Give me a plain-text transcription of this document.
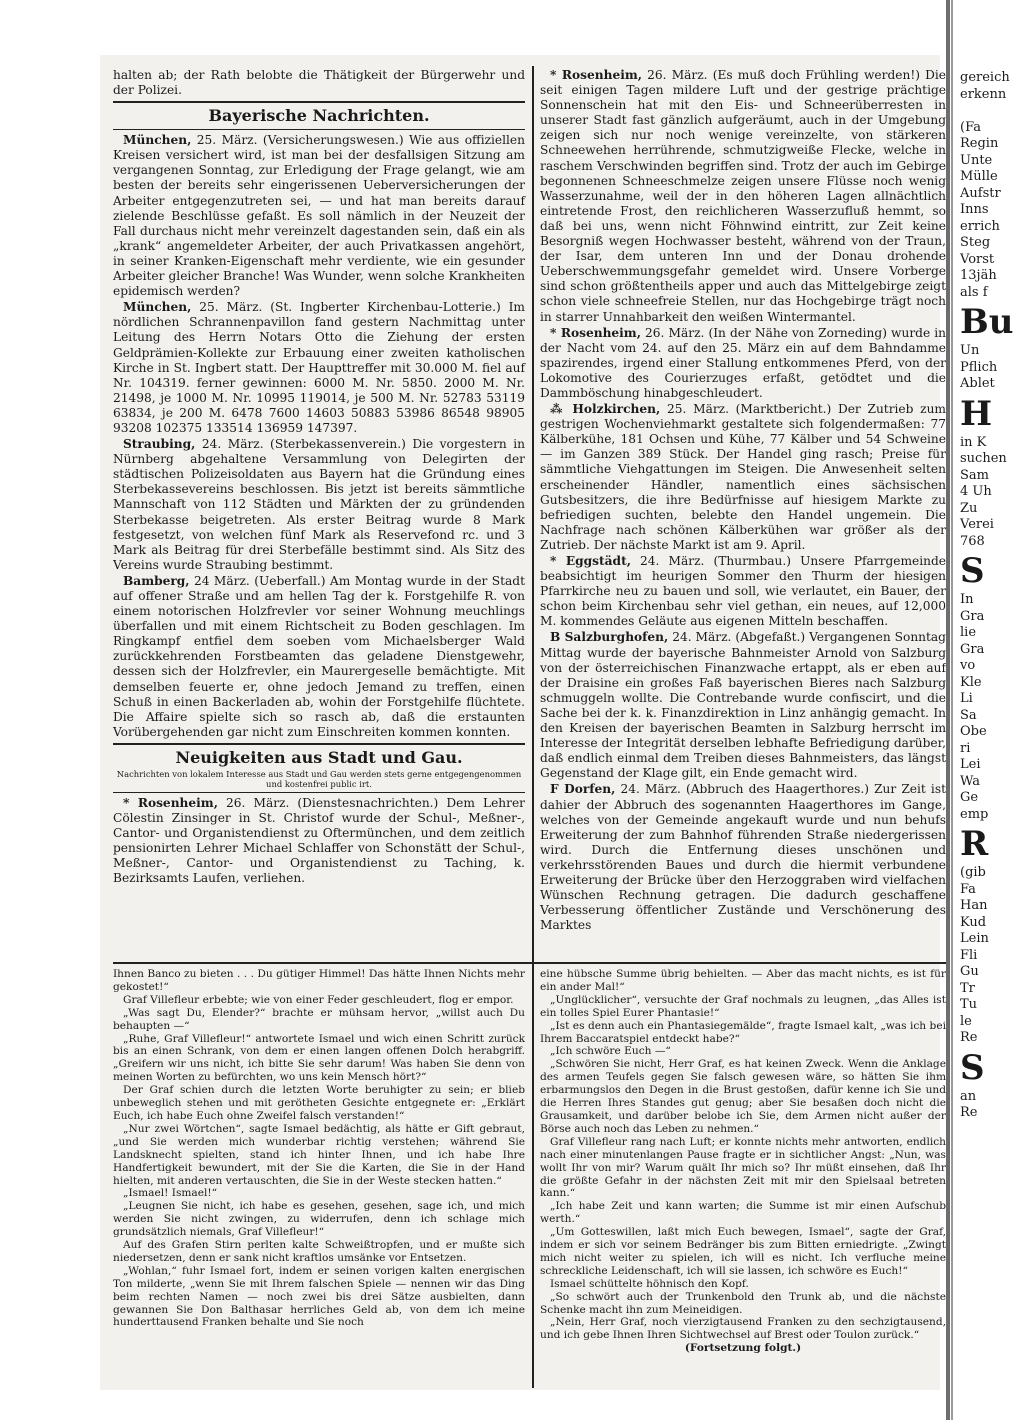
halten ab; der Rath belobte die Thätigkeit der Bürgerwehr und der Polizei.

Bayerische Nachrichten.

München, 25. März. (Versicherungswesen.) Wie aus offiziellen Kreisen versichert wird, ist man bei der desfallsigen Sitzung am vergangenen Sonntag, zur Erledigung der Frage gelangt, wie am besten der bereits sehr eingerissenen Ueberversicherungen der Arbeiter entgegenzutreten sei, — und hat man bereits darauf zielende Beschlüsse gefaßt. Es soll nämlich in der Neuzeit der Fall durchaus nicht mehr vereinzelt dagestanden sein, daß ein als „krank“ angemeldeter Arbeiter, der auch Privatkassen angehört, in seiner Kranken-Eigenschaft mehr verdiente, wie ein gesunder Arbeiter gleicher Branche! Was Wunder, wenn solche Krankheiten epidemisch werden?

München, 25. März. (St. Ingberter Kirchenbau-Lotterie.) Im nördlichen Schrannenpavillon fand gestern Nachmittag unter Leitung des Herrn Notars Otto die Ziehung der ersten Geldprämien-Kollekte zur Erbauung einer zweiten katholischen Kirche in St. Ingbert statt. Der Haupttreffer mit 30.000 M. fiel auf Nr. 104319. ferner gewinnen: 6000 M. Nr. 5850. 2000 M. Nr. 21498, je 1000 M. Nr. 10995 119014, je 500 M. Nr. 52783 53119 63834, je 200 M. 6478 7600 14603 50883 53986 86548 98905 93208 102375 133514 136959 147397.

Straubing, 24. März. (Sterbekassenverein.) Die vorgestern in Nürnberg abgehaltene Versammlung von Delegirten der städtischen Polizeisoldaten aus Bayern hat die Gründung eines Sterbekassevereins beschlossen. Bis jetzt ist bereits sämmtliche Mannschaft von 112 Städten und Märkten der zu gründenden Sterbekasse beigetreten. Als erster Beitrag wurde 8 Mark festgesetzt, von welchen fünf Mark als Reservefond rc. und 3 Mark als Beitrag für drei Sterbefälle bestimmt sind. Als Sitz des Vereins wurde Straubing bestimmt.

Bamberg, 24 März. (Ueberfall.) Am Montag wurde in der Stadt auf offener Straße und am hellen Tag der k. Forstgehilfe R. von einem notorischen Holzfrevler vor seiner Wohnung meuchlings überfallen und mit einem Richtscheit zu Boden geschlagen. Im Ringkampf entfiel dem soeben vom Michaelsberger Wald zurückkehrenden Forstbeamten das geladene Dienstgewehr, dessen sich der Holzfrevler, ein Maurergeselle bemächtigte. Mit demselben feuerte er, ohne jedoch Jemand zu treffen, einen Schuß in einen Backerladen ab, wohin der Forstgehilfe flüchtete. Die Affaire spielte sich so rasch ab, daß die erstaunten Vorübergehenden gar nicht zum Einschreiten kommen konnten.

Neuigkeiten aus Stadt und Gau.
Nachrichten von lokalem Interesse aus Stadt und Gau werden stets gerne entgegengenommen und kostenfrei public irt.

* Rosenheim, 26. März. (Dienstesnachrichten.) Dem Lehrer Cölestin Zinsinger in St. Christof wurde der Schul-, Meßner-, Cantor- und Organistendienst zu Oftermünchen, und dem zeitlich pensionirten Lehrer Michael Schlaffer von Schonstätt der Schul-, Meßner-, Cantor- und Organistendienst zu Taching, k. Bezirksamts Laufen, verliehen.

* Rosenheim, 26. März. (Es muß doch Frühling werden!) Die seit einigen Tagen mildere Luft und der gestrige prächtige Sonnenschein hat mit den Eis- und Schneerüberresten in unserer Stadt fast gänzlich aufgeräumt, auch in der Umgebung zeigen sich nur noch wenige vereinzelte, von stärkeren Schneewehen herrührende, schmutzigweiße Flecke, welche in raschem Verschwinden begriffen sind. Trotz der auch im Gebirge begonnenen Schneeschmelze zeigen unsere Flüsse noch wenig Wasserzunahme, weil der in den höheren Lagen allnächtlich eintretende Frost, den reichlicheren Wasserzufluß hemmt, so daß bei uns, wenn nicht Föhnwind eintritt, zur Zeit keine Besorgniß wegen Hochwasser besteht, während von der Traun, der Isar, dem unteren Inn und der Donau drohende Ueberschwemmungsgefahr gemeldet wird. Unsere Vorberge sind schon größtentheils apper und auch das Mittelgebirge zeigt schon viele schneefreie Stellen, nur das Hochgebirge trägt noch in starrer Unnahbarkeit den weißen Wintermantel.

* Rosenheim, 26. März. (In der Nähe von Zorneding) wurde in der Nacht vom 24. auf den 25. März ein auf dem Bahndamme spazirendes, irgend einer Stallung entkommenes Pferd, von der Lokomotive des Courierzuges erfaßt, getödtet und die Dammböschung hinabgeschleudert.

⁂ Holzkirchen, 25. März. (Marktbericht.) Der Zutrieb zum gestrigen Wochenviehmarkt gestaltete sich folgendermaßen: 77 Kälberkühe, 181 Ochsen und Kühe, 77 Kälber und 54 Schweine — im Ganzen 389 Stück. Der Handel ging rasch; Preise für sämmtliche Viehgattungen im Steigen. Die Anwesenheit selten erscheinender Händler, namentlich eines sächsischen Gutsbesitzers, die ihre Bedürfnisse auf hiesigem Markte zu befriedigen suchten, belebte den Handel ungemein. Die Nachfrage nach schönen Kälberkühen war größer als der Zutrieb. Der nächste Markt ist am 9. April.

* Eggstädt, 24. März. (Thurmbau.) Unsere Pfarrgemeinde beabsichtigt im heurigen Sommer den Thurm der hiesigen Pfarrkirche neu zu bauen und soll, wie verlautet, ein Bauer, der schon beim Kirchenbau sehr viel gethan, ein neues, auf 12,000 M. kommendes Geläute aus eigenen Mitteln beschaffen.

B Salzburghofen, 24. März. (Abgefaßt.) Vergangenen Sonntag Mittag wurde der bayerische Bahnmeister Arnold von Salzburg von der österreichischen Finanzwache ertappt, als er eben auf der Draisine ein großes Faß bayerischen Bieres nach Salzburg schmuggeln wollte. Die Contrebande wurde confiscirt, und die Sache bei der k. k. Finanzdirektion in Linz anhängig gemacht. In den Kreisen der bayerischen Beamten in Salzburg herrscht im Interesse der Integrität derselben lebhafte Befriedigung darüber, daß endlich einmal dem Treiben dieses Bahnmeisters, das längst Gegenstand der Klage gilt, ein Ende gemacht wird.

F Dorfen, 24. März. (Abbruch des Haagerthores.) Zur Zeit ist dahier der Abbruch des sogenannten Haagerthores im Gange, welches von der Gemeinde angekauft wurde und nun behufs Erweiterung der zum Bahnhof führenden Straße niedergerissen wird. Durch die Entfernung dieses unschönen und verkehrsstörenden Baues und durch die hiermit verbundene Erweiterung der Brücke über den Herzoggraben wird vielfachen Wünschen Rechnung getragen. Die dadurch geschaffene Verbesserung öffentlicher Zustände und Verschönerung des Marktes

Ihnen Banco zu bieten . . . Du gütiger Himmel! Das hätte Ihnen Nichts mehr gekostet!“

Graf Villefleur erbebte; wie von einer Feder geschleudert, flog er empor.

„Was sagt Du, Elender?“ brachte er mühsam hervor, „willst auch Du behaupten —“

„Ruhe, Graf Villefleur!“ antwortete Ismael und wich einen Schritt zurück bis an einen Schrank, von dem er einen langen offenen Dolch herabgriff. „Greifern wir uns nicht, ich bitte Sie sehr darum! Was haben Sie denn von meinen Worten zu befürchten, wo uns kein Mensch hört?“

Der Graf schien durch die letzten Worte beruhigter zu sein; er blieb unbeweglich stehen und mit gerötheten Gesichte entgegnete er: „Erklärt Euch, ich habe Euch ohne Zweifel falsch verstanden!“

„Nur zwei Wörtchen“, sagte Ismael bedächtig, als hätte er Gift gebraut, „und Sie werden mich wunderbar richtig verstehen; während Sie Landsknecht spielten, stand ich hinter Ihnen, und ich habe Ihre Handfertigkeit bewundert, mit der Sie die Karten, die Sie in der Hand hielten, mit anderen vertauschten, die Sie in der Weste stecken hatten.“

„Ismael! Ismael!“

„Leugnen Sie nicht, ich habe es gesehen, gesehen, sage ich, und mich werden Sie nicht zwingen, zu widerrufen, denn ich schlage mich grundsätzlich niemals, Graf Villefleur!“

Auf des Grafen Stirn perlten kalte Schweißtropfen, und er mußte sich niedersetzen, denn er sank nicht kraftlos umsänke vor Entsetzen.

„Wohlan,“ fuhr Ismael fort, indem er seinen vorigen kalten energischen Ton milderte, „wenn Sie mit Ihrem falschen Spiele — nennen wir das Ding beim rechten Namen — noch zwei bis drei Sätze ausbielten, dann gewannen Sie Don Balthasar herrliches Geld ab, von dem ich meine hunderttausend Franken behalte und Sie noch

eine hübsche Summe übrig behielten. — Aber das macht nichts, es ist für ein ander Mal!“

„Unglücklicher“, versuchte der Graf nochmals zu leugnen, „das Alles ist ein tolles Spiel Eurer Phantasie!“

„Ist es denn auch ein Phantasiegemälde“, fragte Ismael kalt, „was ich bei Ihrem Baccaratspiel entdeckt habe?“

„Ich schwöre Euch —“

„Schwören Sie nicht, Herr Graf, es hat keinen Zweck. Wenn die Anklage des armen Teufels gegen Sie falsch gewesen wäre, so hätten Sie ihm erbarmungslos den Degen in die Brust gestoßen, dafür kenne ich Sie und die Herren Ihres Standes gut genug; aber Sie besaßen doch nicht die Grausamkeit, und darüber belobe ich Sie, dem Armen nicht außer der Börse auch noch das Leben zu nehmen.“

Graf Villefleur rang nach Luft; er konnte nichts mehr antworten, endlich nach einer minutenlangen Pause fragte er in sichtlicher Angst: „Nun, was wollt Ihr von mir? Warum quält Ihr mich so? Ihr müßt einsehen, daß Ihr die größte Gefahr in der nächsten Zeit mit mir den Spielsaal betreten kann.“

„Ich habe Zeit und kann warten; die Summe ist mir einen Aufschub werth.“

„Um Gotteswillen, laßt mich Euch bewegen, Ismael“, sagte der Graf, indem er sich vor seinem Bedränger bis zum Bitten erniedrigte. „Zwingt mich nicht weiter zu spielen, ich will es nicht. Ich verfluche meine schreckliche Leidenschaft, ich will sie lassen, ich schwöre es Euch!“

Ismael schüttelte höhnisch den Kopf.

„So schwört auch der Trunkenbold den Trunk ab, und die nächste Schenke macht ihn zum Meineidigen.

„Nein, Herr Graf, noch vierzigtausend Franken zu den sechzigtausend, und ich gebe Ihnen Ihren Sichtwechsel auf Brest oder Toulon zurück.“

(Fortsetzung folgt.)

gereich
erkenn
(Fa
Regin
Unte
Mülle
Aufstr
Inns
errich
Steg
Vorst
13jäh
als f
Bu
Un
Pflich
Ablet
H
in K
suchen
Sam
4 Uh
Zu
Verei
768
S
In
Gra
lie
Gra
vo
Kle
Li
Sa
Obe
ri
Lei
Wa
Ge
emp
R
(gib
Fa
Han
Kud
Lein
Fli
Gu
Tr
Tu
le
Re
S
an
Re
